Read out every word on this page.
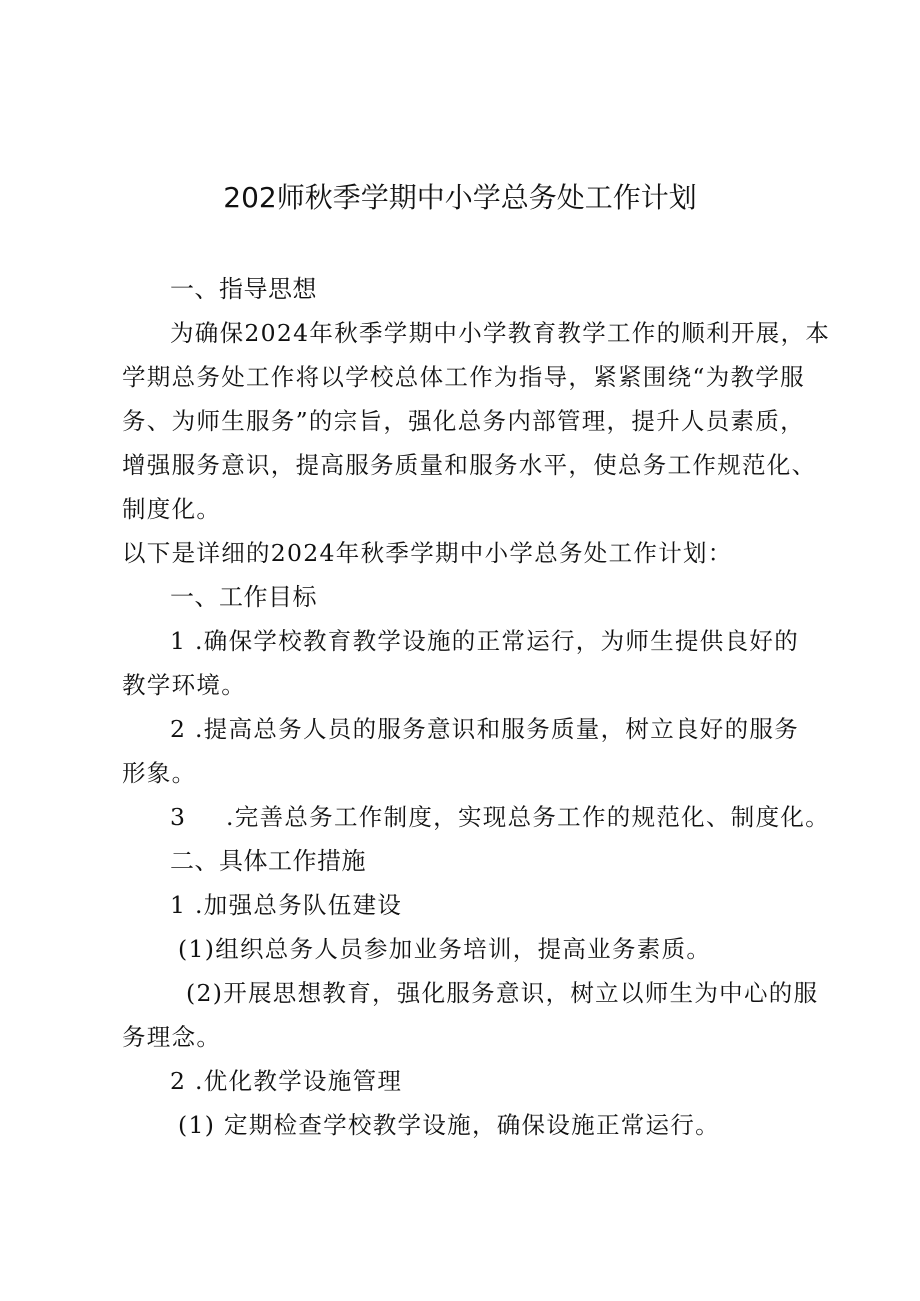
202师秋季学期中小学总务处工作计划
一、指导思想
为确保2024年秋季学期中小学教育教学工作的顺利开展，本
学期总务处工作将以学校总体工作为指导，紧紧围绕“为教学服
务、为师生服务”的宗旨，强化总务内部管理，提升人员素质，
增强服务意识，提高服务质量和服务水平，使总务工作规范化、
制度化。
以下是详细的2024年秋季学期中小学总务处工作计划：
一、工作目标
1 .确保学校教育教学设施的正常运行，为师生提供良好的
教学环境。
2 .提高总务人员的服务意识和服务质量，树立良好的服务
形象。
3 .完善总务工作制度，实现总务工作的规范化、制度化。
二、具体工作措施
1 .加强总务队伍建设
(1)组织总务人员参加业务培训，提高业务素质。
(2)开展思想教育，强化服务意识，树立以师生为中心的服
务理念。
2 .优化教学设施管理
(1) 定期检查学校教学设施，确保设施正常运行。
